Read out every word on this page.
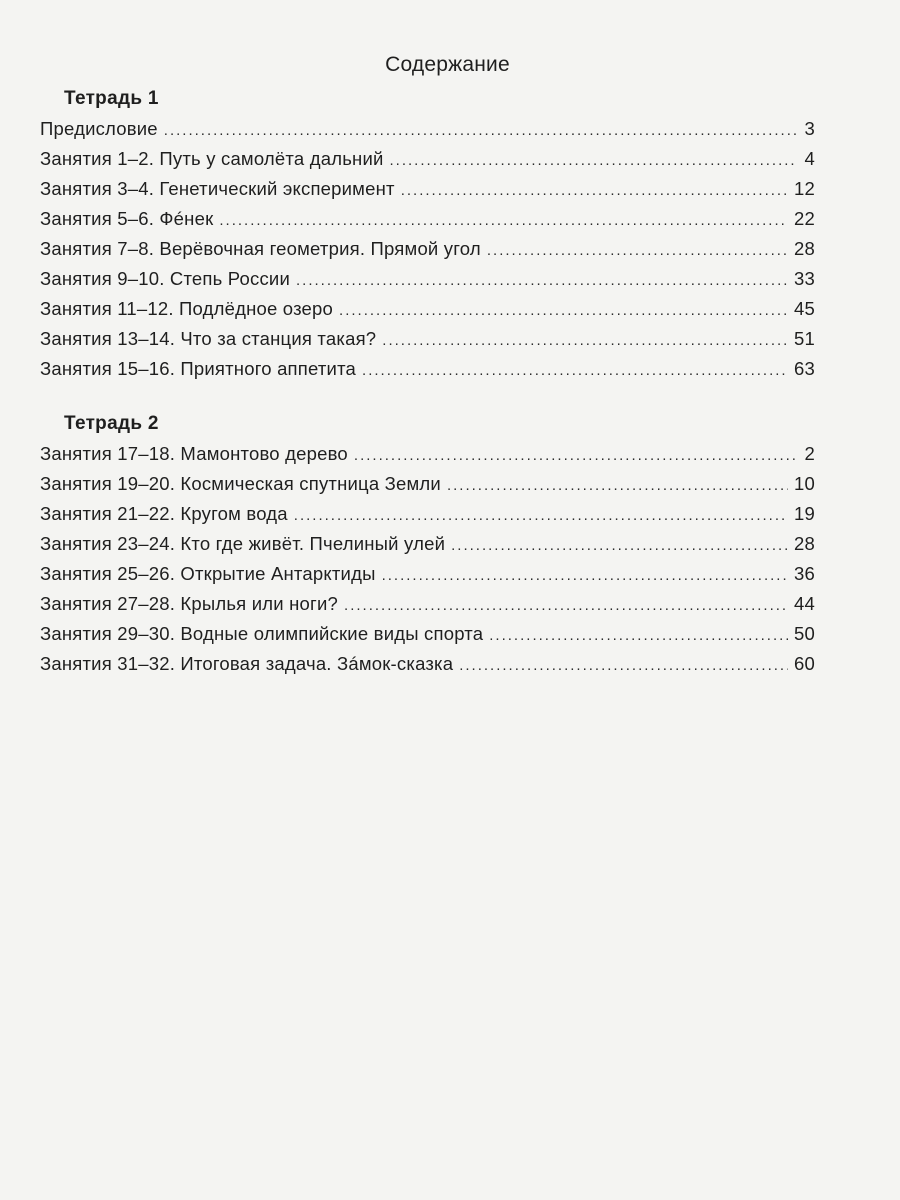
Содержание
Тетрадь 1
Предисловие .....	3
Занятия 1–2. Путь у самолёта дальний .....	4
Занятия 3–4. Генетический эксперимент .....	12
Занятия 5–6. Фéнек .....	22
Занятия 7–8. Верёвочная геометрия. Прямой угол .....	28
Занятия 9–10. Степь России .....	33
Занятия 11–12. Подлёдное озеро .....	45
Занятия 13–14. Что за станция такая? .....	51
Занятия 15–16. Приятного аппетита .....	63
Тетрадь 2
Занятия 17–18. Мамонтово дерево .....	2
Занятия 19–20. Космическая спутница Земли .....	10
Занятия 21–22. Кругом вода .....	19
Занятия 23–24. Кто где живёт. Пчелиный улей .....	28
Занятия 25–26. Открытие Антарктиды .....	36
Занятия 27–28. Крылья или ноги? .....	44
Занятия 29–30. Водные олимпийские виды спорта .....	50
Занятия 31–32. Итоговая задача. Зáмок-сказка .....	60
